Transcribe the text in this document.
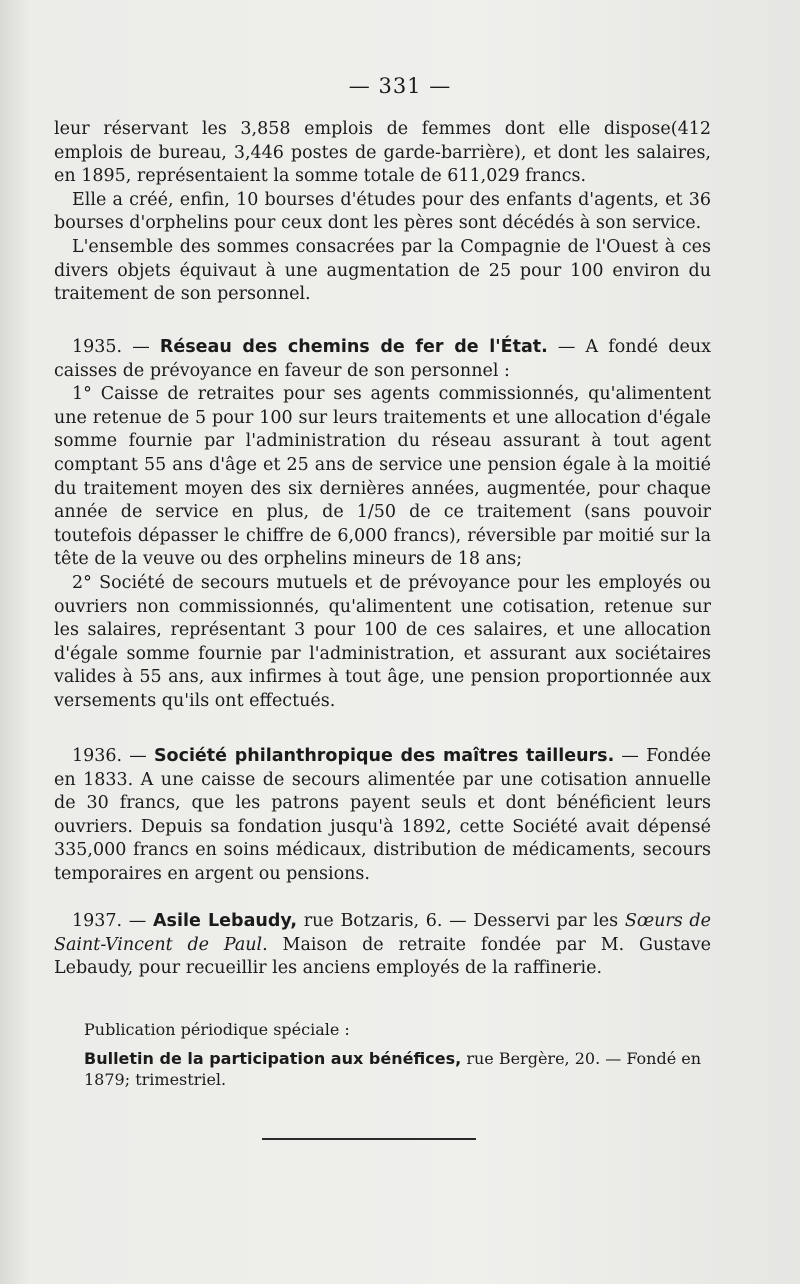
— 331 —

leur réservant les 3,858 emplois de femmes dont elle dispose(412 emplois de bureau, 3,446 postes de garde-barrière), et dont les salaires, en 1895, représentaient la somme totale de 611,029 francs.

Elle a créé, enfin, 10 bourses d'études pour des enfants d'agents, et 36 bourses d'orphelins pour ceux dont les pères sont décédés à son service.

L'ensemble des sommes consacrées par la Compagnie de l'Ouest à ces divers objets équivaut à une augmentation de 25 pour 100 environ du traitement de son personnel.

1935. — Réseau des chemins de fer de l'État. — A fondé deux caisses de prévoyance en faveur de son personnel :

1° Caisse de retraites pour ses agents commissionnés, qu'alimentent une retenue de 5 pour 100 sur leurs traitements et une allocation d'égale somme fournie par l'administration du réseau assurant à tout agent comptant 55 ans d'âge et 25 ans de service une pension égale à la moitié du traitement moyen des six dernières années, augmentée, pour chaque année de service en plus, de 1/50 de ce traitement (sans pouvoir toutefois dépasser le chiffre de 6,000 francs), réversible par moitié sur la tête de la veuve ou des orphelins mineurs de 18 ans;

2° Société de secours mutuels et de prévoyance pour les employés ou ouvriers non commissionnés, qu'alimentent une cotisation, retenue sur les salaires, représentant 3 pour 100 de ces salaires, et une allocation d'égale somme fournie par l'administration, et assurant aux sociétaires valides à 55 ans, aux infirmes à tout âge, une pension proportionnée aux versements qu'ils ont effectués.

1936. — Société philanthropique des maîtres tailleurs. — Fondée en 1833. A une caisse de secours alimentée par une cotisation annuelle de 30 francs, que les patrons payent seuls et dont bénéficient leurs ouvriers. Depuis sa fondation jusqu'à 1892, cette Société avait dépensé 335,000 francs en soins médicaux, distribution de médicaments, secours temporaires en argent ou pensions.

1937. — Asile Lebaudy, rue Botzaris, 6. — Desservi par les Sœurs de Saint-Vincent de Paul. Maison de retraite fondée par M. Gustave Lebaudy, pour recueillir les anciens employés de la raffinerie.

Publication périodique spéciale :
Bulletin de la participation aux bénéfices, rue Bergère, 20. — Fondé en 1879; trimestriel.
